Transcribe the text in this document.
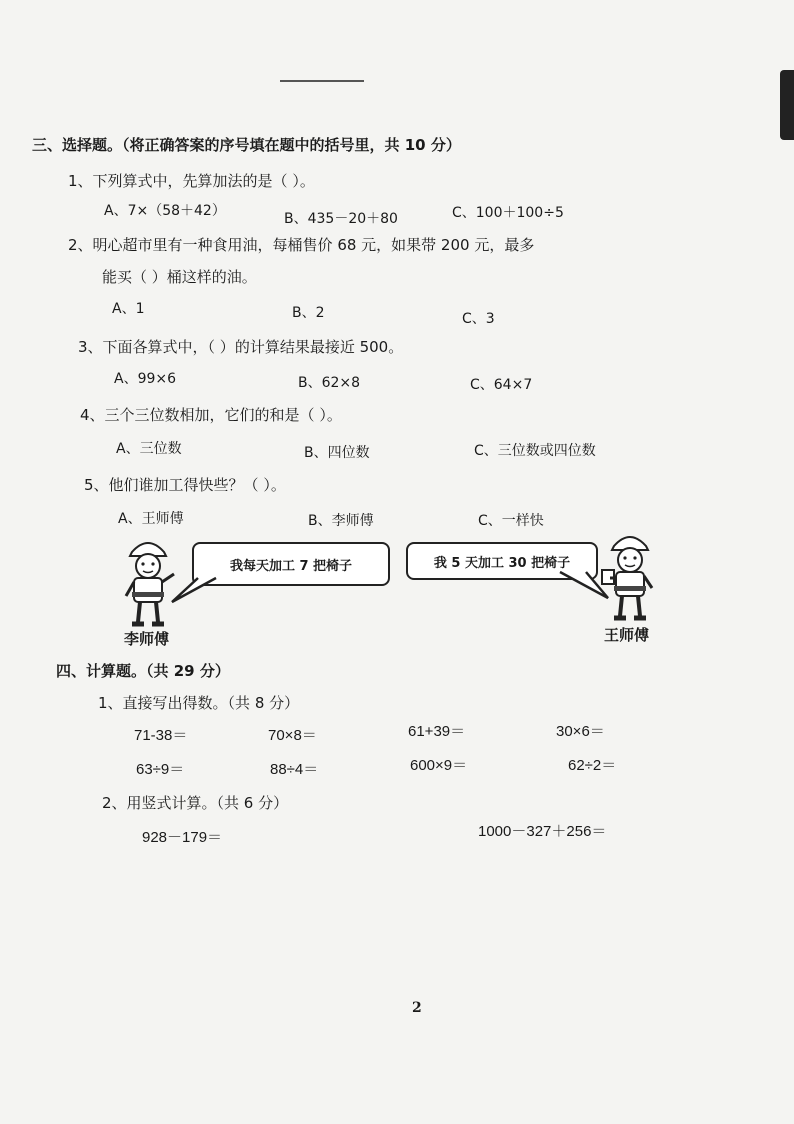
三、选择题。（将正确答案的序号填在题中的括号里，共 10 分）
1、下列算式中，先算加法的是（ ）。
A、7×（58＋42）	B、435－20＋80	C、100＋100÷5
2、明心超市里有一种食用油，每桶售价 68 元，如果带 200 元，最多
能买（ ）桶这样的油。
A、1	B、2	C、3
3、下面各算式中，（ ）的计算结果最接近 500。
A、99×6	B、62×8	C、64×7
4、三个三位数相加，它们的和是（ ）。
A、三位数	B、四位数	C、三位数或四位数
5、他们谁加工得快些？（ ）。
A、王师傅	B、李师傅	C、一样快
我每天加工 7 把椅子	我 5 天加工 30 把椅子
李师傅	王师傅
四、计算题。（共 29 分）
1、直接写出得数。（共 8 分）
71-38＝	70×8＝	61+39＝	30×6＝
63÷9＝	88÷4＝	600×9＝	62÷2＝
2、用竖式计算。（共 6 分）
928－179＝	1000－327＋256＝
2
